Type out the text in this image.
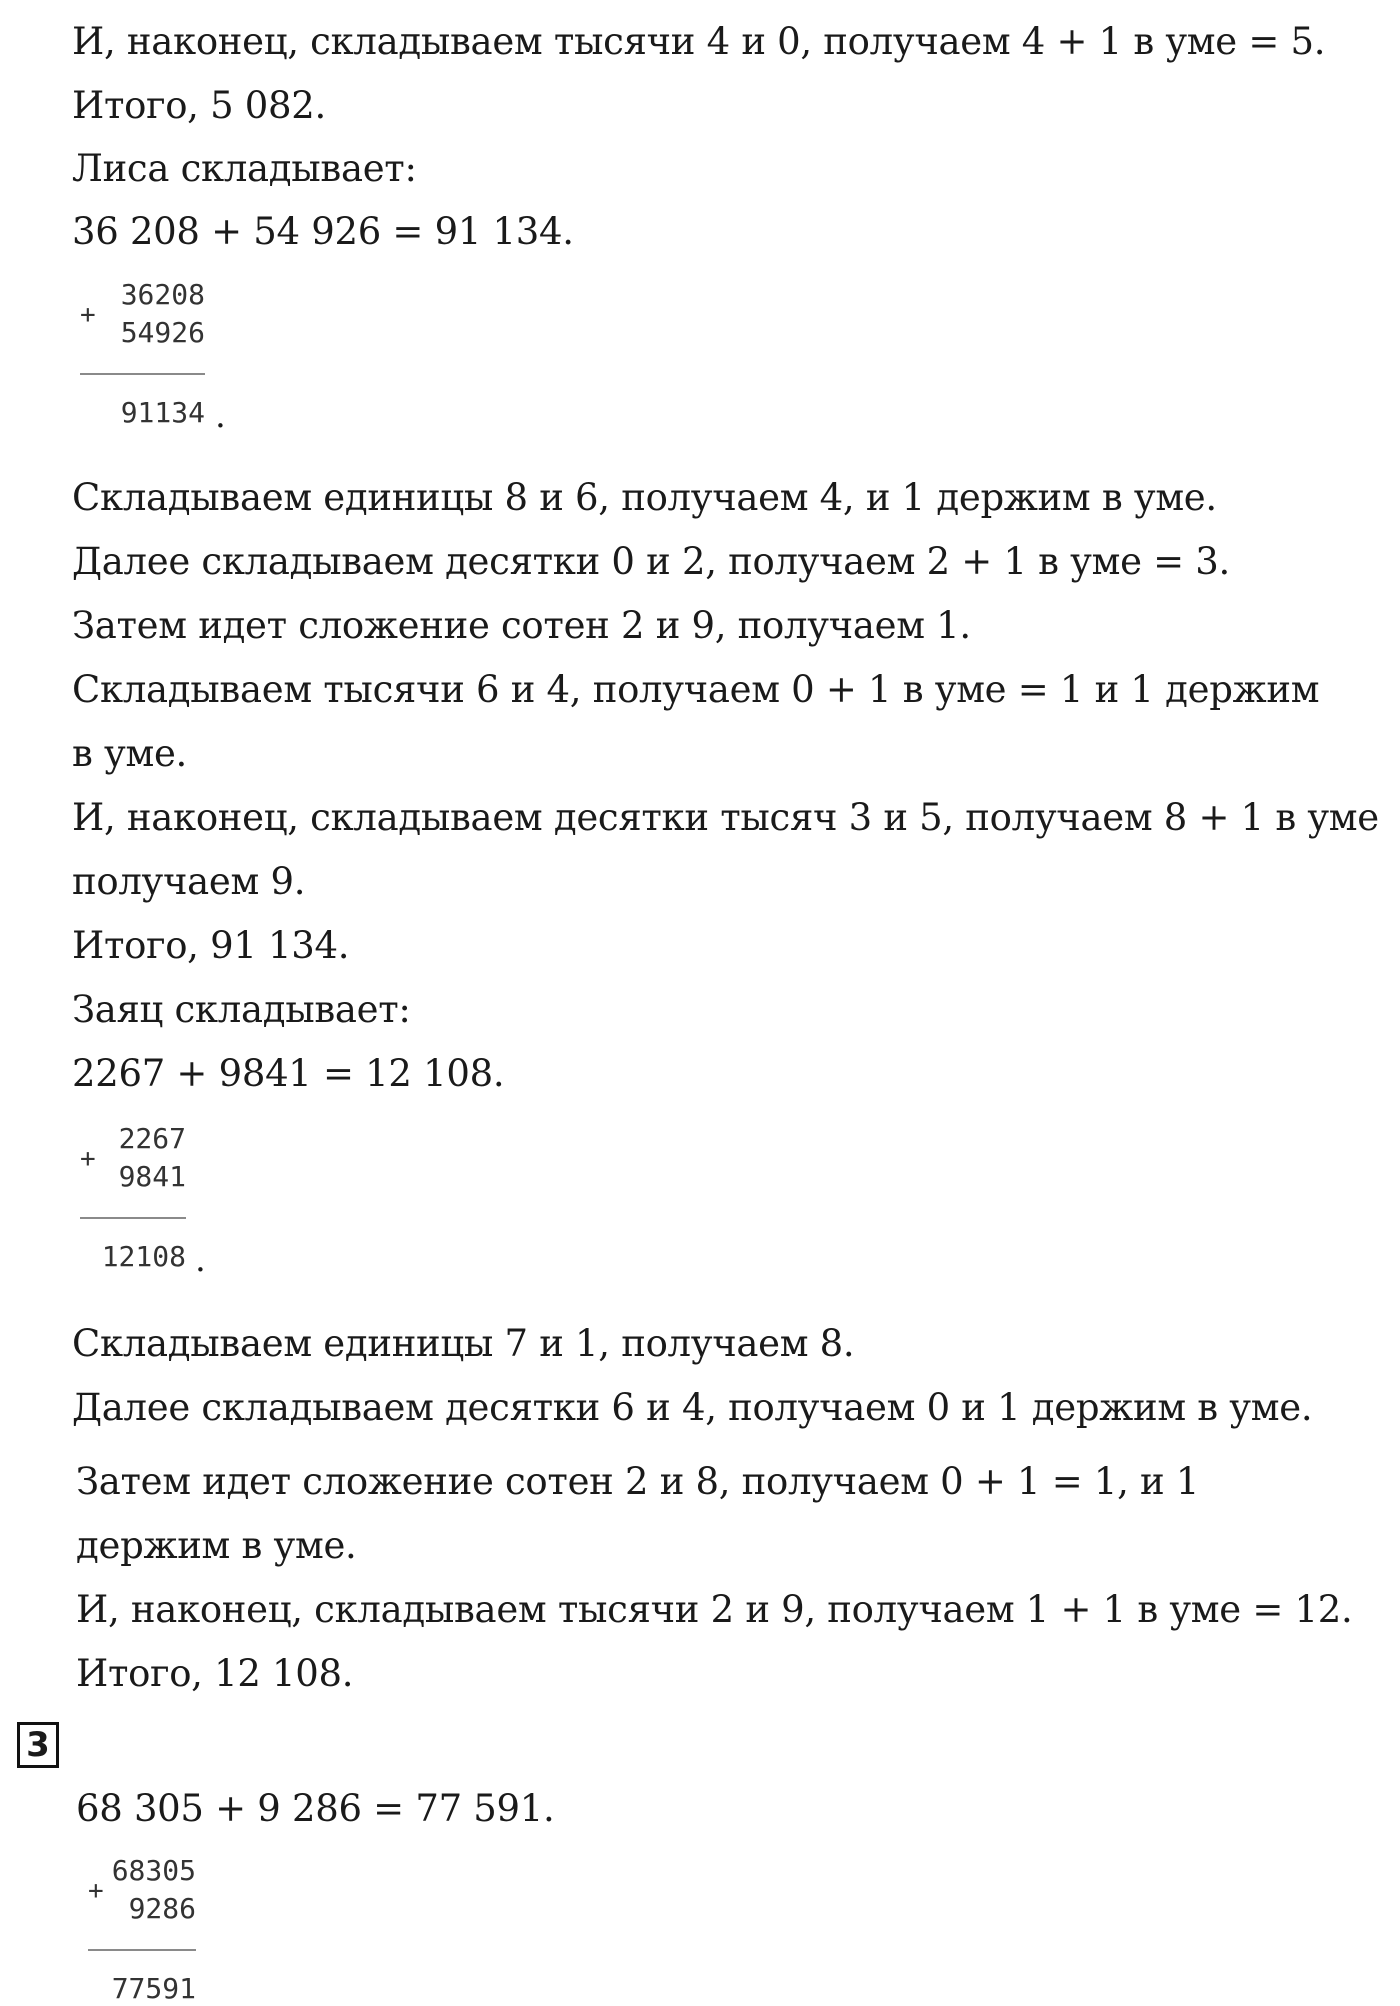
И, наконец, складываем тысячи 4 и 0, получаем 4 + 1 в уме = 5.
Итого, 5 082.
Лиса складывает:
36 208 + 54 926 = 91 134.
+
36208
54926
91134 .
Складываем единицы 8 и 6, получаем 4, и 1 держим в уме.
Далее складываем десятки 0 и 2, получаем 2 + 1 в уме = 3.
Затем идет сложение сотен 2 и 9, получаем 1.
Складываем тысячи 6 и 4, получаем 0 + 1 в уме = 1 и 1 держим
в уме.
И, наконец, складываем десятки тысяч 3 и 5, получаем 8 + 1 в уме
получаем 9.
Итого, 91 134.
Заяц складывает:
2267 + 9841 = 12 108.
+
2267
9841
12108 .
Складываем единицы 7 и 1, получаем 8.
Далее складываем десятки 6 и 4, получаем 0 и 1 держим в уме.
Затем идет сложение сотен 2 и 8, получаем 0 + 1 = 1, и 1
держим в уме.
И, наконец, складываем тысячи 2 и 9, получаем 1 + 1 в уме = 12.
Итого, 12 108.
3
68 305 + 9 286 = 77 591.
+
68305
9286
77591
